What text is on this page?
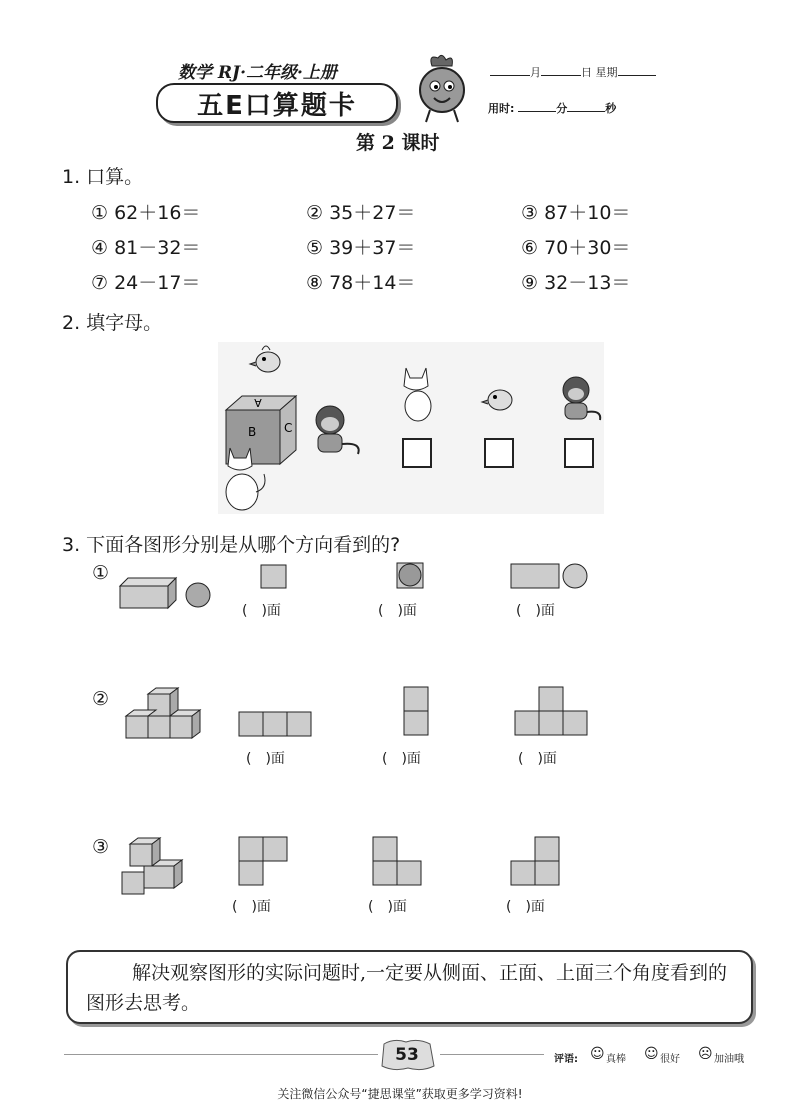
数学 RJ·二年级·上册
五E口算题卡
月	日 星期
用时:	分	秒
第 2 课时
1. 口算。
① 62＋16＝	② 35＋27＝	③ 87＋10＝
④ 81－32＝	⑤ 39＋37＝	⑥ 70＋30＝
⑦ 24－17＝	⑧ 78＋14＝	⑨ 32－13＝
2. 填字母。
A
B C
3. 下面各图形分别是从哪个方向看到的?
①
(　)面	(　)面	(　)面
②
(　)面	(　)面	(　)面
③
(　)面	(　)面	(　)面
解决观察图形的实际问题时,一定要从侧面、正面、上面三个角度看到的图形去思考。
53	评语: ☺ 真棒 ☺ 很好 ☹ 加油哦
关注微信公众号“捷思课堂”获取更多学习资料!
